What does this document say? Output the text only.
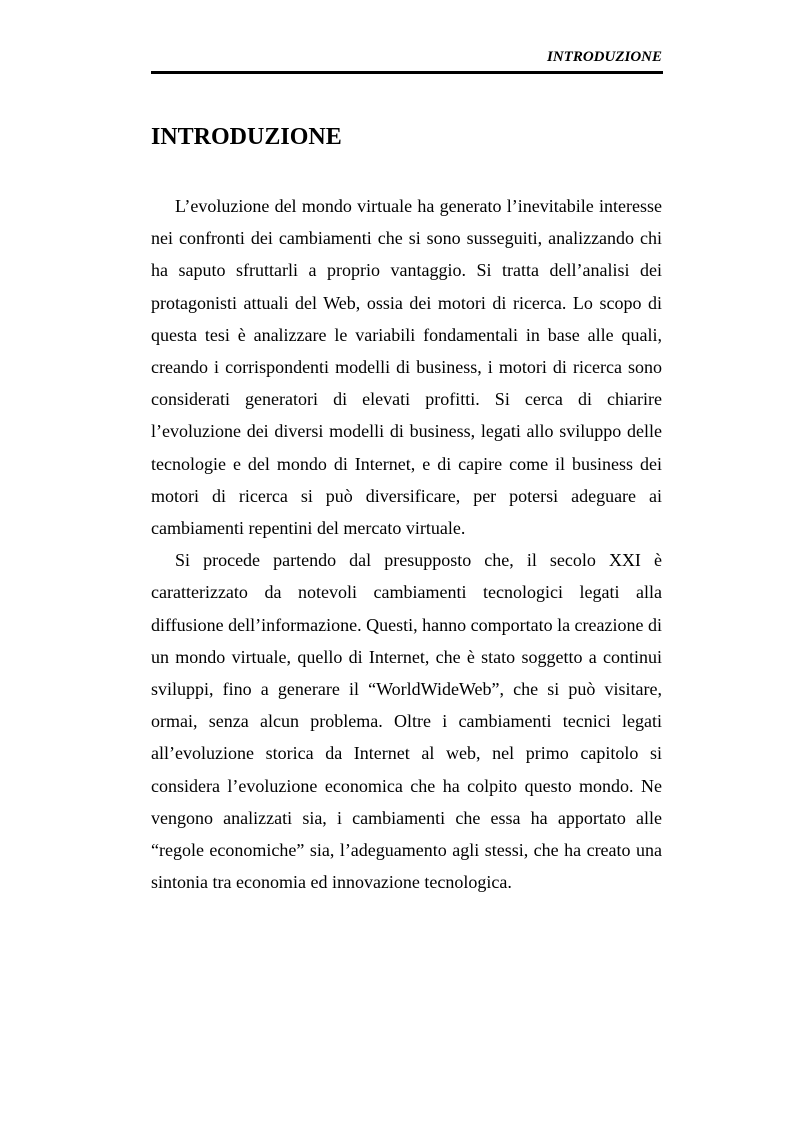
INTRODUZIONE
INTRODUZIONE

L’evoluzione del mondo virtuale ha generato l’inevitabile interesse nei confronti dei cambiamenti che si sono susseguiti, analizzando chi ha saputo sfruttarli a proprio vantaggio. Si tratta dell’analisi dei protagonisti attuali del Web, ossia dei motori di ricerca. Lo scopo di questa tesi è analizzare le variabili fondamentali in base alle quali, creando i corrispondenti modelli di business, i motori di ricerca sono considerati generatori di elevati profitti. Si cerca di chiarire l’evoluzione dei diversi modelli di business, legati allo sviluppo delle tecnologie e del mondo di Internet, e di capire come il business dei motori di ricerca si può diversificare, per potersi adeguare ai cambiamenti repentini del mercato virtuale.

Si procede partendo dal presupposto che, il secolo XXI è caratterizzato da notevoli cambiamenti tecnologici legati alla diffusione dell’informazione. Questi, hanno comportato la creazione di un mondo virtuale, quello di Internet, che è stato soggetto a continui sviluppi, fino a generare il “WorldWideWeb”, che si può visitare, ormai, senza alcun problema. Oltre i cambiamenti tecnici legati all’evoluzione storica da Internet al web, nel primo capitolo si considera l’evoluzione economica che ha colpito questo mondo. Ne vengono analizzati sia, i cambiamenti che essa ha apportato alle “regole economiche” sia, l’adeguamento agli stessi, che ha creato una sintonia tra economia ed innovazione tecnologica.
